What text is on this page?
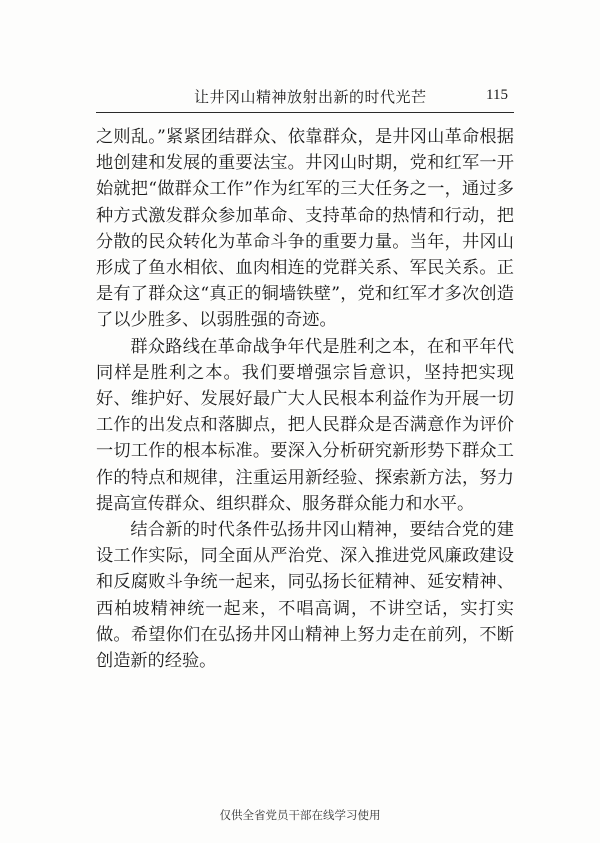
让井冈山精神放射出新的时代光芒	115

之则乱。”紧紧团结群众、依靠群众，是井冈山革命根据地创建和发展的重要法宝。井冈山时期，党和红军一开始就把“做群众工作”作为红军的三大任务之一，通过多种方式激发群众参加革命、支持革命的热情和行动，把分散的民众转化为革命斗争的重要力量。当年，井冈山形成了鱼水相依、血肉相连的党群关系、军民关系。正是有了群众这“真正的铜墙铁壁”，党和红军才多次创造了以少胜多、以弱胜强的奇迹。

群众路线在革命战争年代是胜利之本，在和平年代同样是胜利之本。我们要增强宗旨意识，坚持把实现好、维护好、发展好最广大人民根本利益作为开展一切工作的出发点和落脚点，把人民群众是否满意作为评价一切工作的根本标准。要深入分析研究新形势下群众工作的特点和规律，注重运用新经验、探索新方法，努力提高宣传群众、组织群众、服务群众能力和水平。

结合新的时代条件弘扬井冈山精神，要结合党的建设工作实际，同全面从严治党、深入推进党风廉政建设和反腐败斗争统一起来，同弘扬长征精神、延安精神、西柏坡精神统一起来，不唱高调，不讲空话，实打实做。希望你们在弘扬井冈山精神上努力走在前列，不断创造新的经验。

仅供全省党员干部在线学习使用
